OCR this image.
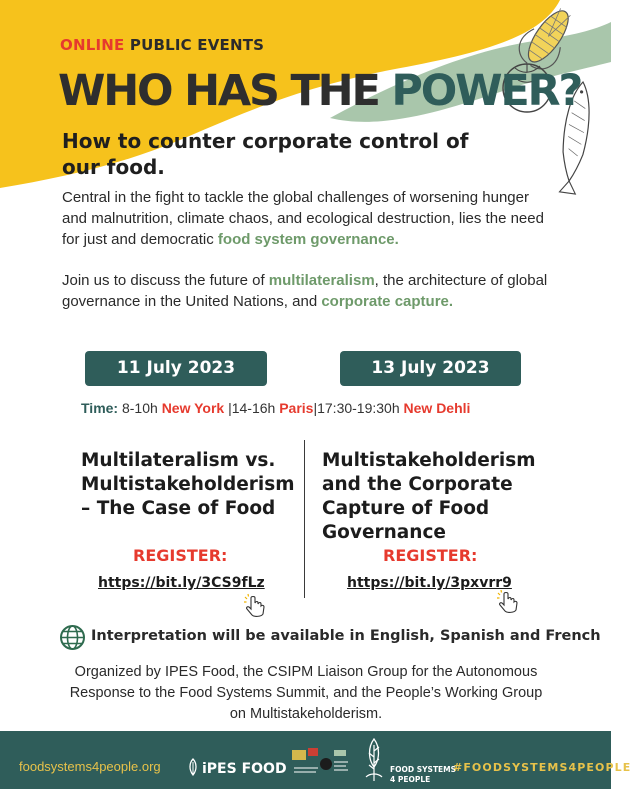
ONLINE PUBLIC EVENTS
WHO HAS THE POWER?
How to counter corporate control of our food.

Central in the fight to tackle the global challenges of worsening hunger and malnutrition, climate chaos, and ecological destruction, lies the need for just and democratic food system governance.

Join us to discuss the future of multilateralism, the architecture of global governance in the United Nations, and corporate capture.

11 July 2023	13 July 2023
Time: 8-10h New York |14-16h Paris|17:30-19:30h New Dehli
Multilateralism vs. Multistakeholderism – The Case of Food
Multistakeholderism and the Corporate Capture of Food Governance
REGISTER:	REGISTER:
https://bit.ly/3CS9fLz	https://bit.ly/3pxvrr9
Interpretation will be available in English, Spanish and French
Organized by IPES Food, the CSIPM Liaison Group for the Autonomous Response to the Food Systems Summit, and the People’s Working Group on Multistakeholderism.
foodsystems4people.org	iPES FOOD	FOOD SYSTEMS
4 PEOPLE
#FOODSYSTEMS4PEOPLE
